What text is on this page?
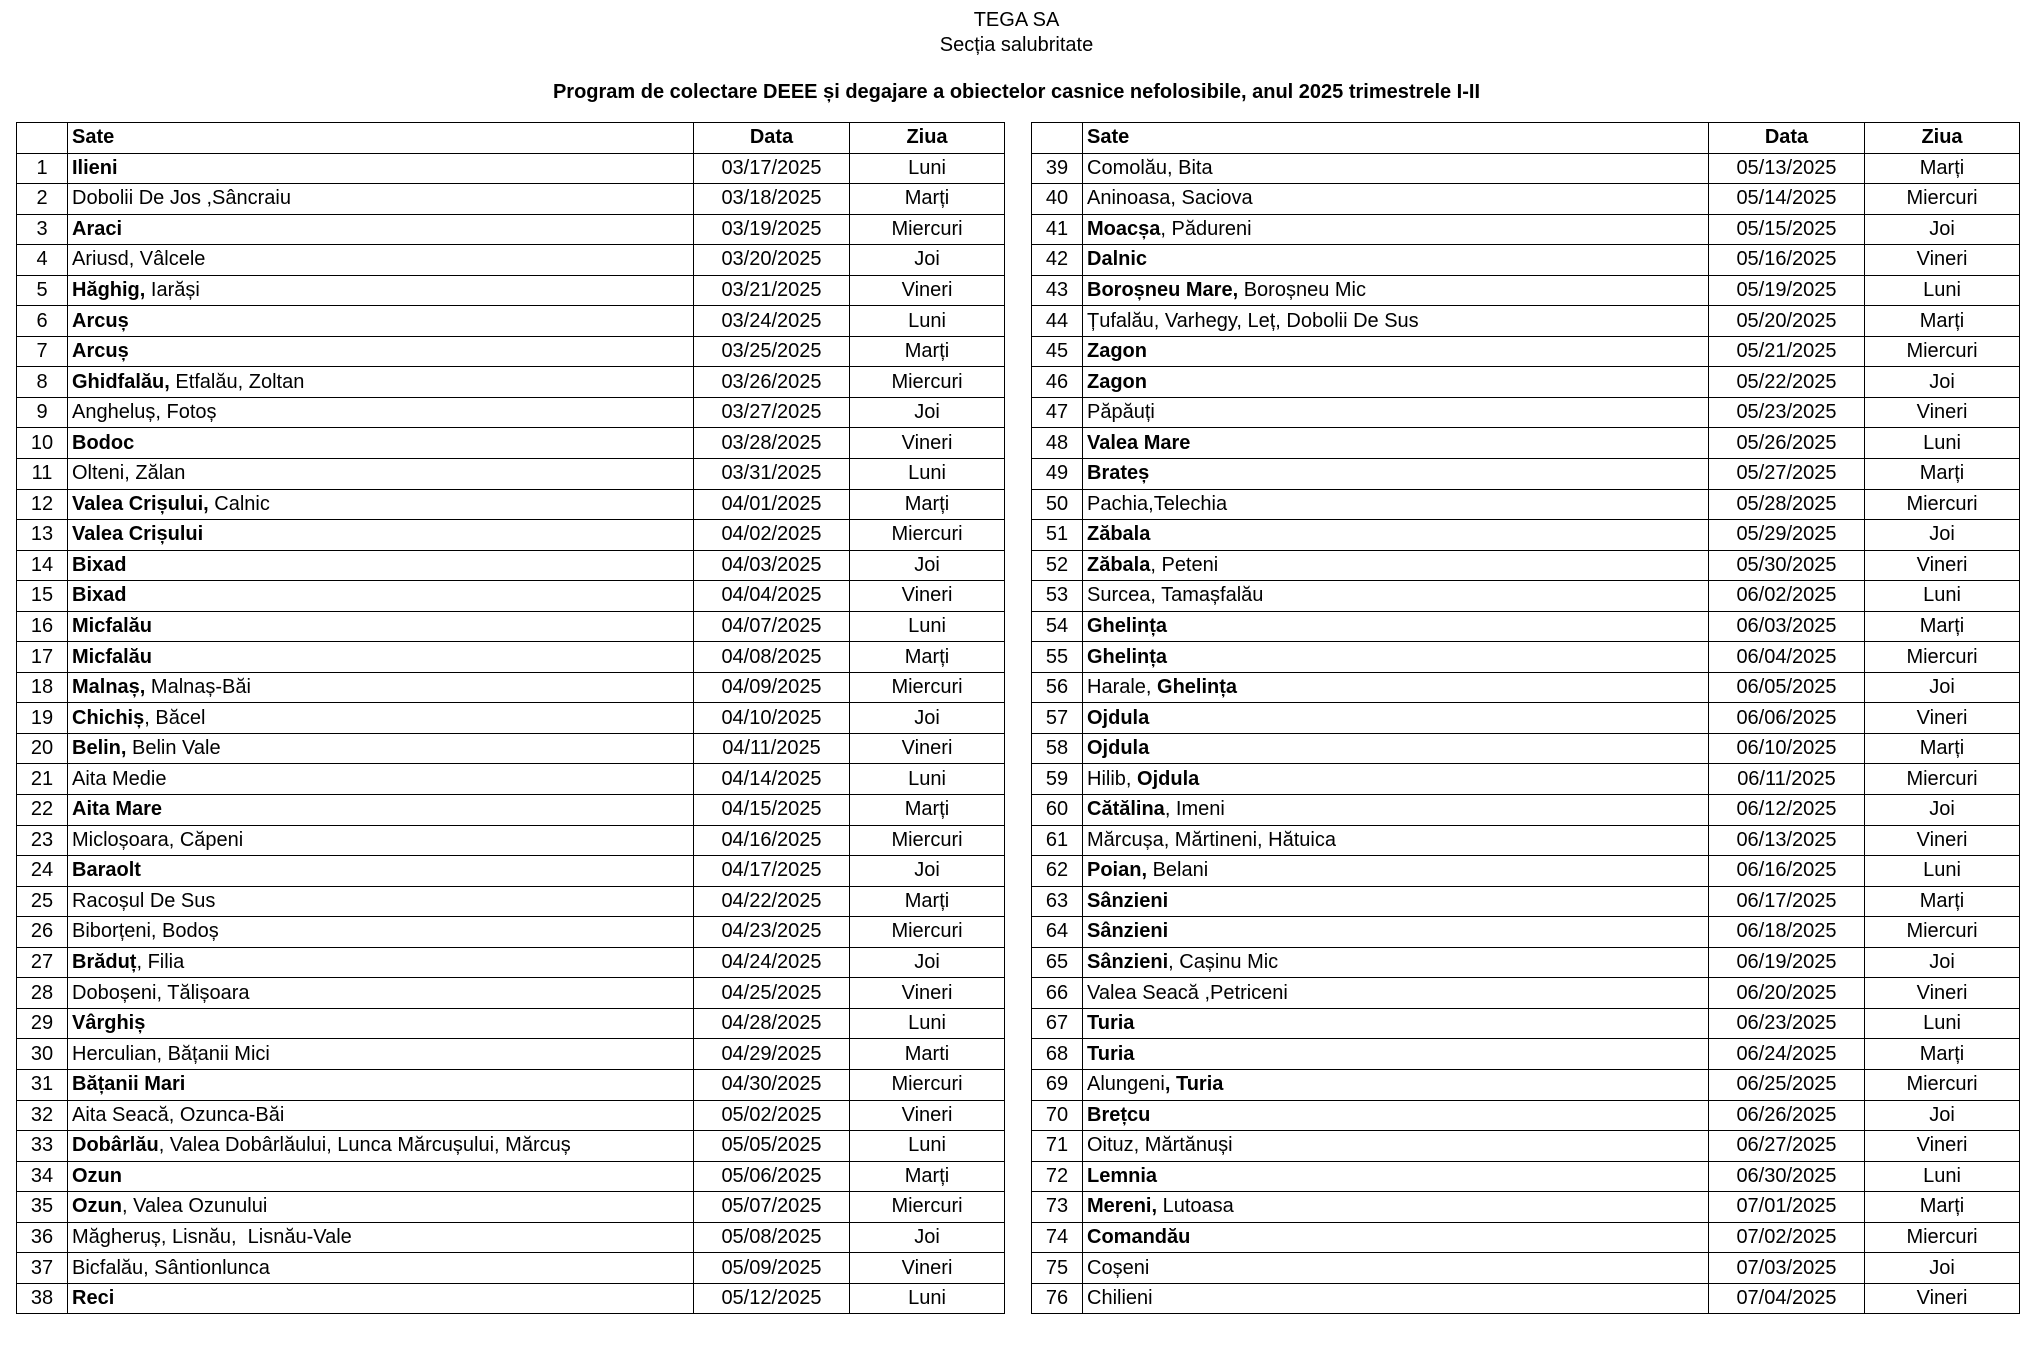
TEGA SA
Secția salubritate
Program de colectare DEEE și degajare a obiectelor casnice nefolosibile, anul 2025 trimestrele I-II
	Sate	Data	Ziua
1	Ilieni	03/17/2025	Luni
2	Dobolii De Jos ,Sâncraiu	03/18/2025	Marți
3	Araci	03/19/2025	Miercuri
4	Ariusd, Vâlcele	03/20/2025	Joi
5	Hăghig, Iarăși	03/21/2025	Vineri
6	Arcuș	03/24/2025	Luni
7	Arcuș	03/25/2025	Marți
8	Ghidfalău, Etfalău, Zoltan	03/26/2025	Miercuri
9	Angheluș, Fotoș	03/27/2025	Joi
10	Bodoc	03/28/2025	Vineri
11	Olteni, Zălan	03/31/2025	Luni
12	Valea Crișului, Calnic	04/01/2025	Marți
13	Valea Crișului	04/02/2025	Miercuri
14	Bixad	04/03/2025	Joi
15	Bixad	04/04/2025	Vineri
16	Micfalău	04/07/2025	Luni
17	Micfalău	04/08/2025	Marți
18	Malnaș, Malnaș-Băi	04/09/2025	Miercuri
19	Chichiș, Băcel	04/10/2025	Joi
20	Belin, Belin Vale	04/11/2025	Vineri
21	Aita Medie	04/14/2025	Luni
22	Aita Mare	04/15/2025	Marți
23	Micloșoara, Căpeni	04/16/2025	Miercuri
24	Baraolt	04/17/2025	Joi
25	Racoșul De Sus	04/22/2025	Marți
26	Biborțeni, Bodoș	04/23/2025	Miercuri
27	Brăduț, Filia	04/24/2025	Joi
28	Doboșeni, Tălișoara	04/25/2025	Vineri
29	Vârghiș	04/28/2025	Luni
30	Herculian, Bățanii Mici	04/29/2025	Marti
31	Bățanii Mari	04/30/2025	Miercuri
32	Aita Seacă, Ozunca-Băi	05/02/2025	Vineri
33	Dobârlău, Valea Dobârlăului, Lunca Mărcușului, Mărcuș	05/05/2025	Luni
34	Ozun	05/06/2025	Marți
35	Ozun, Valea Ozunului	05/07/2025	Miercuri
36	Măgheruș, Lisnău,  Lisnău-Vale	05/08/2025	Joi
37	Bicfalău, Sântionlunca	05/09/2025	Vineri
38	Reci	05/12/2025	Luni
	Sate	Data	Ziua
39	Comolău, Bita	05/13/2025	Marți
40	Aninoasa, Saciova	05/14/2025	Miercuri
41	Moacșa, Pădureni	05/15/2025	Joi
42	Dalnic	05/16/2025	Vineri
43	Boroșneu Mare, Boroșneu Mic	05/19/2025	Luni
44	Țufalău, Varhegy, Leț, Dobolii De Sus	05/20/2025	Marți
45	Zagon	05/21/2025	Miercuri
46	Zagon	05/22/2025	Joi
47	Păpăuți	05/23/2025	Vineri
48	Valea Mare	05/26/2025	Luni
49	Brateș	05/27/2025	Marți
50	Pachia,Telechia	05/28/2025	Miercuri
51	Zăbala	05/29/2025	Joi
52	Zăbala, Peteni	05/30/2025	Vineri
53	Surcea, Tamașfalău	06/02/2025	Luni
54	Ghelința	06/03/2025	Marți
55	Ghelința	06/04/2025	Miercuri
56	Harale, Ghelința	06/05/2025	Joi
57	Ojdula	06/06/2025	Vineri
58	Ojdula	06/10/2025	Marți
59	Hilib, Ojdula	06/11/2025	Miercuri
60	Cătălina, Imeni	06/12/2025	Joi
61	Mărcușa, Mărtineni, Hătuica	06/13/2025	Vineri
62	Poian, Belani	06/16/2025	Luni
63	Sânzieni	06/17/2025	Marți
64	Sânzieni	06/18/2025	Miercuri
65	Sânzieni, Cașinu Mic	06/19/2025	Joi
66	Valea Seacă ,Petriceni	06/20/2025	Vineri
67	Turia	06/23/2025	Luni
68	Turia	06/24/2025	Marți
69	Alungeni, Turia	06/25/2025	Miercuri
70	Brețcu	06/26/2025	Joi
71	Oituz, Mărtănuși	06/27/2025	Vineri
72	Lemnia	06/30/2025	Luni
73	Mereni, Lutoasa	07/01/2025	Marți
74	Comandău	07/02/2025	Miercuri
75	Coșeni	07/03/2025	Joi
76	Chilieni	07/04/2025	Vineri
